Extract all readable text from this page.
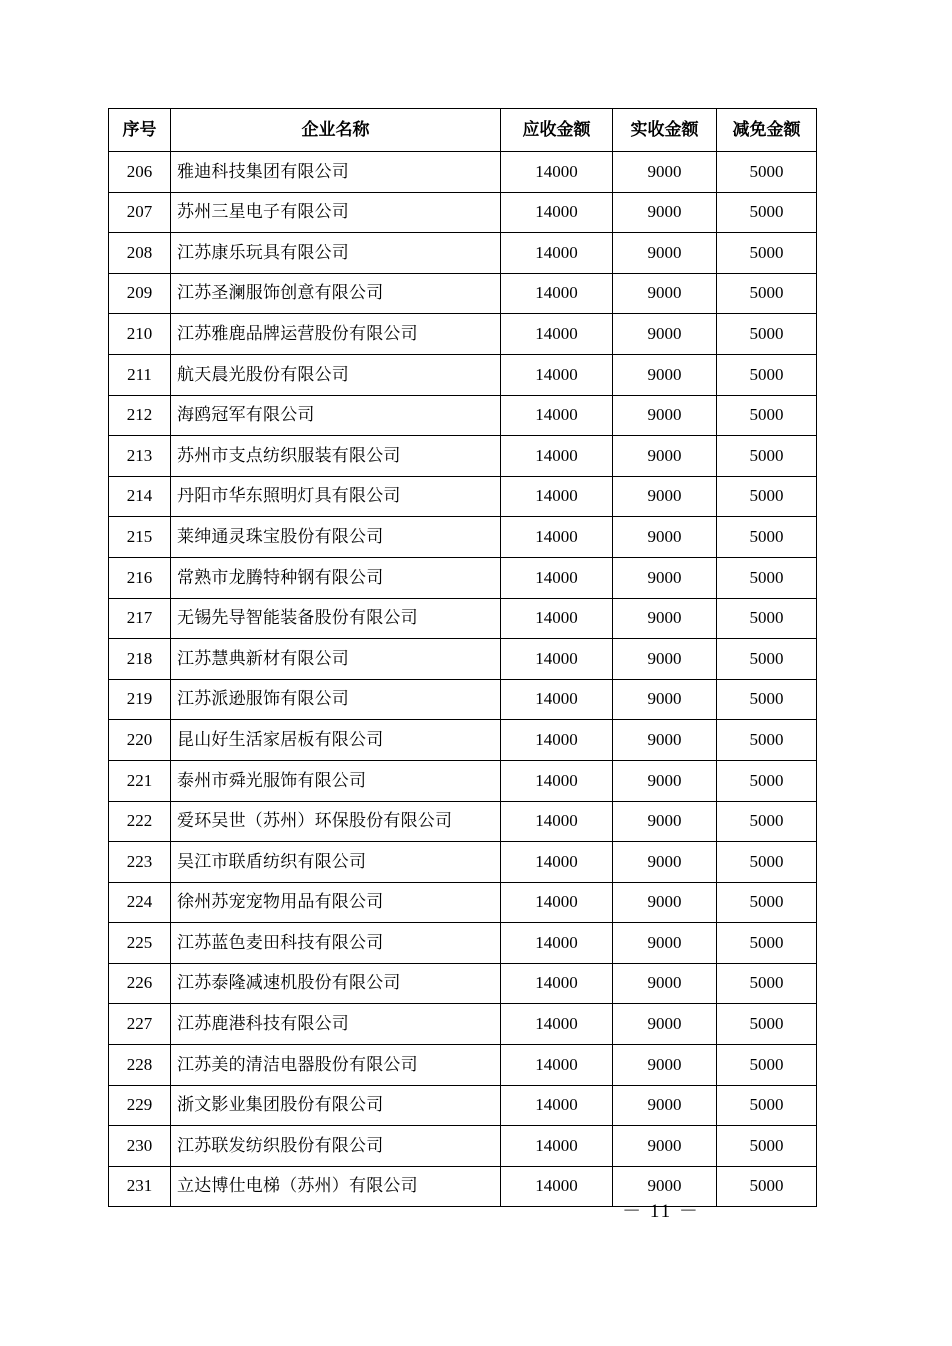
序号	企业名称	应收金额	实收金额	减免金额
206	雅迪科技集团有限公司	14000	9000	5000
207	苏州三星电子有限公司	14000	9000	5000
208	江苏康乐玩具有限公司	14000	9000	5000
209	江苏圣澜服饰创意有限公司	14000	9000	5000
210	江苏雅鹿品牌运营股份有限公司	14000	9000	5000
211	航天晨光股份有限公司	14000	9000	5000
212	海鸥冠军有限公司	14000	9000	5000
213	苏州市支点纺织服装有限公司	14000	9000	5000
214	丹阳市华东照明灯具有限公司	14000	9000	5000
215	莱绅通灵珠宝股份有限公司	14000	9000	5000
216	常熟市龙腾特种钢有限公司	14000	9000	5000
217	无锡先导智能装备股份有限公司	14000	9000	5000
218	江苏慧典新材有限公司	14000	9000	5000
219	江苏派逊服饰有限公司	14000	9000	5000
220	昆山好生活家居板有限公司	14000	9000	5000
221	泰州市舜光服饰有限公司	14000	9000	5000
222	爱环吴世（苏州）环保股份有限公司	14000	9000	5000
223	吴江市联盾纺织有限公司	14000	9000	5000
224	徐州苏宠宠物用品有限公司	14000	9000	5000
225	江苏蓝色麦田科技有限公司	14000	9000	5000
226	江苏泰隆减速机股份有限公司	14000	9000	5000
227	江苏鹿港科技有限公司	14000	9000	5000
228	江苏美的清洁电器股份有限公司	14000	9000	5000
229	浙文影业集团股份有限公司	14000	9000	5000
230	江苏联发纺织股份有限公司	14000	9000	5000
231	立达博仕电梯（苏州）有限公司	14000	9000	5000
－ 11 －
